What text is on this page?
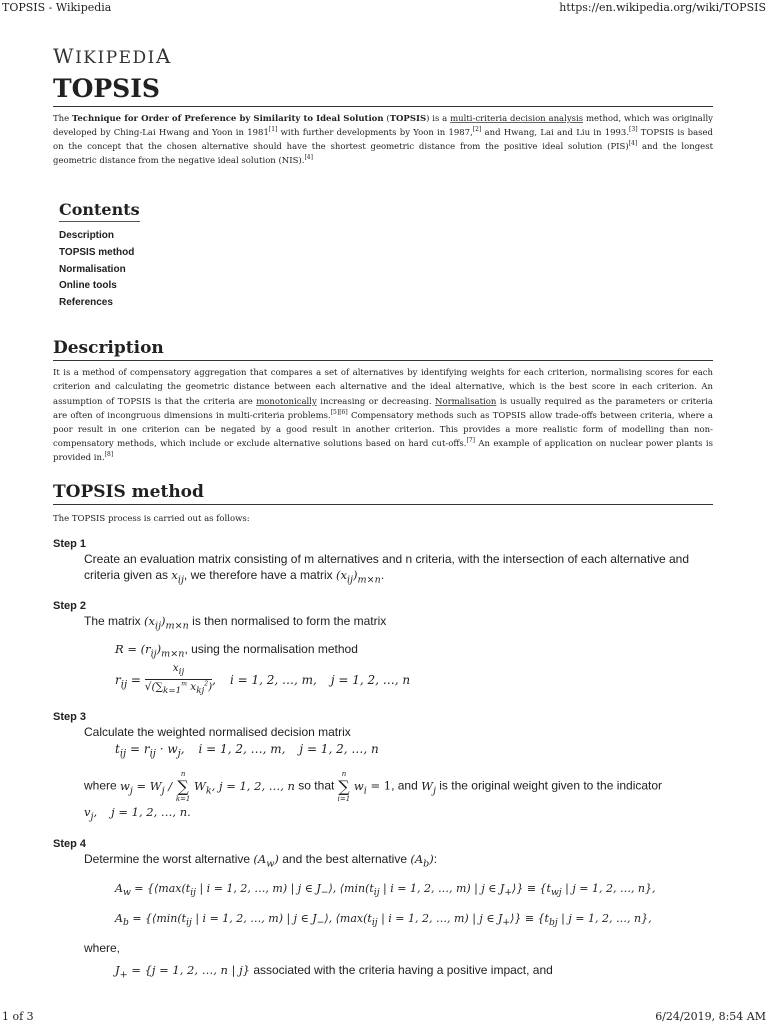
TOPSIS - Wikipedia	https://en.wikipedia.org/wiki/TOPSIS
WIKIPEDIA
TOPSIS

The Technique for Order of Preference by Similarity to Ideal Solution (TOPSIS) is a multi-criteria decision analysis method, which was originally developed by Ching-Lai Hwang and Yoon in 1981[1] with further developments by Yoon in 1987,[2] and Hwang, Lai and Liu in 1993.[3] TOPSIS is based on the concept that the chosen alternative should have the shortest geometric distance from the positive ideal solution (PIS)[4] and the longest geometric distance from the negative ideal solution (NIS).[4]

Contents
Description
TOPSIS method
Normalisation
Online tools
References
Description

It is a method of compensatory aggregation that compares a set of alternatives by identifying weights for each criterion, normalising scores for each criterion and calculating the geometric distance between each alternative and the ideal alternative, which is the best score in each criterion. An assumption of TOPSIS is that the criteria are monotonically increasing or decreasing. Normalisation is usually required as the parameters or criteria are often of incongruous dimensions in multi-criteria problems.[5][6] Compensatory methods such as TOPSIS allow trade-offs between criteria, where a poor result in one criterion can be negated by a good result in another criterion. This provides a more realistic form of modelling than non-compensatory methods, which include or exclude alternative solutions based on hard cut-offs.[7] An example of application on nuclear power plants is provided in.[8]

TOPSIS method
The TOPSIS process is carried out as follows:
Step 1
Create an evaluation matrix consisting of m alternatives and n criteria, with the intersection of each alternative and criteria given as $x_{ij}$, we therefore have a matrix $(x_{ij})_{m\times n}$.
Step 2
The matrix $(x_{ij})_{m\times n}$ is then normalised to form the matrix
$R = (r_{ij})_{m\times n}$, using the normalisation method
$r_{ij} = \frac{x_{ij}}{√(\sum_{k=1}^m x_{kj}^2)}$ , i = 1, 2, …, m, j = 1, 2, …, n
Step 3
Calculate the weighted normalised decision matrix
$t_{ij} = r_{ij} \cdot w_j$, i = 1, 2, …, m, j = 1, 2, …, n
where $w_j = W_j$ /
n
∑
k=1
$W_k$, j = 1, 2, …, n so that
n
∑
i=1
$w_i = 1$, and $W_j$ is the original weight given to the indicator
$v_j$, j = 1, 2, …, n.
Step 4
Determine the worst alternative $(A_w)$ and the best alternative $(A_b)$:
$A_w$ = {$⟨\max(t_{ij}$ | i = 1, 2, …, m) | j ∈ $J_-⟩$, $⟨\min(t_{ij}$ | i = 1, 2, …, m) | j ∈ $J_+⟩\} \equiv \{t_{wj}$ | j = 1, 2, …, n},
$A_b$ = {$⟨\min(t_{ij}$ | i = 1, 2, …, m) | j ∈ $J_-⟩$, $⟨\max(t_{ij}$ | i = 1, 2, …, m) | j ∈ $J_+⟩\} \equiv \{t_{bj}$ | j = 1, 2, …, n},
where,
$J_+ = \{j = 1$, 2, …, n | j} associated with the criteria having a positive impact, and
1 of 3	6/24/2019, 8:54 AM
